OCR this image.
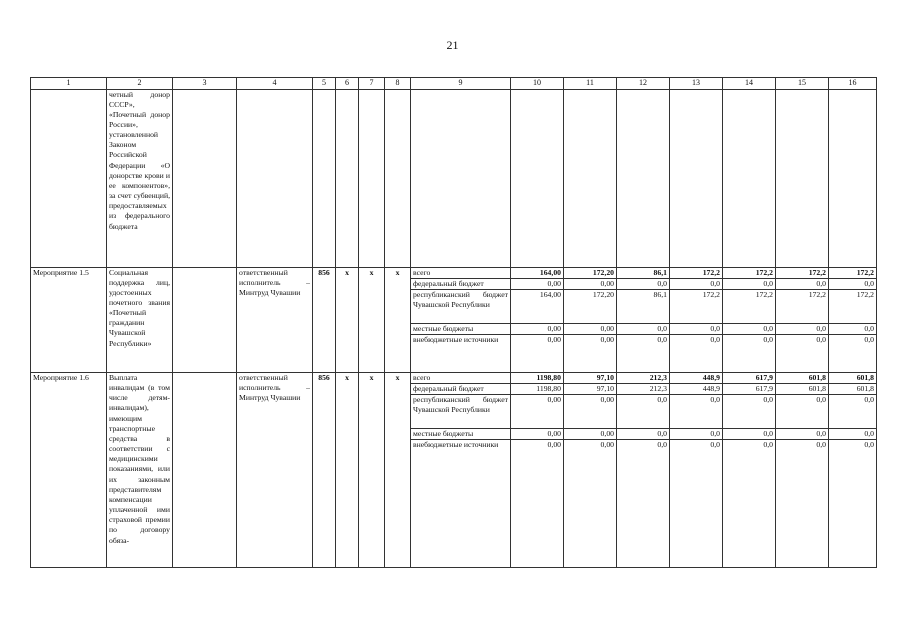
21
1	2	3	4	5	6	7	8	9	10	11	12	13	14	15	16
	четный донор СССР», «Почетный донор России», установленной Законом Российской Федерации «О донорстве крови и ее компонентов», за счет субвенций, предоставляемых из федерального бюджета														
Мероприятие 1.5	Социальная поддержка лиц, удостоенных почетного звания «Почетный гражданин Чувашской Республики»		ответственный исполнитель – Минтруд Чувашии	856	x	x	x	всего	164,00	172,20	86,1	172,2	172,2	172,2	172,2
								федеральный бюджет	0,00	0,00	0,0	0,0	0,0	0,0	0,0
								республиканский бюджет Чувашской Республики	164,00	172,20	86,1	172,2	172,2	172,2	172,2
								местные бюджеты	0,00	0,00	0,0	0,0	0,0	0,0	0,0
								внебюджетные источники	0,00	0,00	0,0	0,0	0,0	0,0	0,0
Мероприятие 1.6	Выплата инвалидам (в том числе детям-инвалидам), имеющим транспортные средства в соответствии с медицинскими показаниями, или их законным представителям компенсации уплаченной ими страховой премии по договору обяза-		ответственный исполнитель – Минтруд Чувашии	856	x	x	x	всего	1198,80	97,10	212,3	448,9	617,9	601,8	601,8
								федеральный бюджет	1198,80	97,10	212,3	448,9	617,9	601,8	601,8
								республиканский бюджет Чувашской Республики	0,00	0,00	0,0	0,0	0,0	0,0	0,0
								местные бюджеты	0,00	0,00	0,0	0,0	0,0	0,0	0,0
								внебюджетные источники	0,00	0,00	0,0	0,0	0,0	0,0	0,0
